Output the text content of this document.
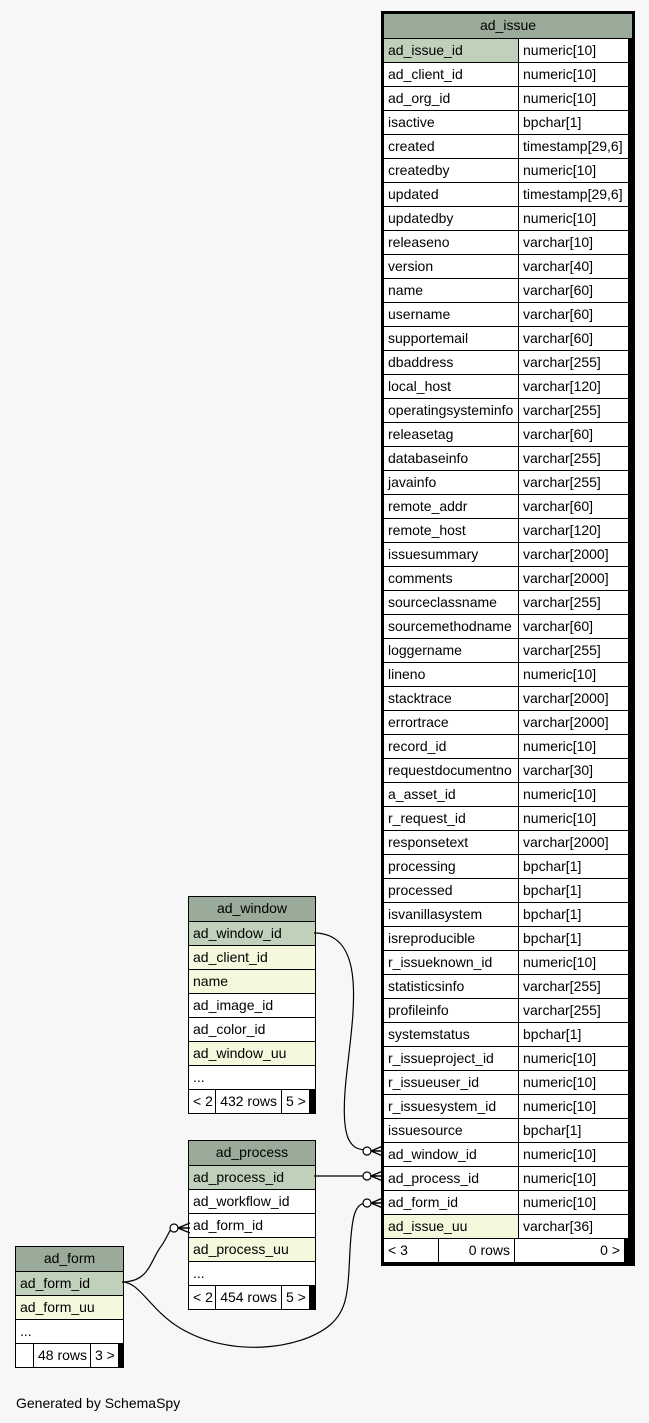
ad_issue
ad_issue_id	numeric[10]
ad_client_id	numeric[10]
ad_org_id	numeric[10]
isactive	bpchar[1]
created	timestamp[29,6]
createdby	numeric[10]
updated	timestamp[29,6]
updatedby	numeric[10]
releaseno	varchar[10]
version	varchar[40]
name	varchar[60]
username	varchar[60]
supportemail	varchar[60]
dbaddress	varchar[255]
local_host	varchar[120]
operatingsysteminfo varchar[255]
releasetag	varchar[60]
databaseinfo	varchar[255]
javainfo	varchar[255]
remote_addr	varchar[60]
remote_host	varchar[120]
issuesummary	varchar[2000]
comments	varchar[2000]
sourceclassname	varchar[255]
sourcemethodname varchar[60]
loggername	varchar[255]
lineno	numeric[10]
stacktrace	varchar[2000]
errortrace	varchar[2000]
record_id	numeric[10]
requestdocumentno varchar[30]
a_asset_id	numeric[10]
r_request_id	numeric[10]
responsetext	varchar[2000]
processing	bpchar[1]
processed	bpchar[1]
isvanillasystem	bpchar[1]
isreproducible	bpchar[1]
r_issueknown_id	numeric[10]
statisticsinfo	varchar[255]
profileinfo	varchar[255]
systemstatus	bpchar[1]
r_issueproject_id	numeric[10]
r_issueuser_id	numeric[10]
r_issuesystem_id	numeric[10]
issuesource	bpchar[1]
ad_window_id	numeric[10]
ad_process_id	numeric[10]
ad_form_id	numeric[10]
ad_issue_uu	varchar[36]
< 3	0 rows	0 >
ad_window
ad_window_id
ad_client_id
name
ad_image_id
ad_color_id
ad_window_uu
...
< 2 432 rows 5 >
ad_process
ad_process_id
ad_workflow_id
ad_form_id
ad_process_uu
...
< 2 454 rows 5 >
ad_form
ad_form_id
ad_form_uu
...
48 rows 3 >
Generated by SchemaSpy
